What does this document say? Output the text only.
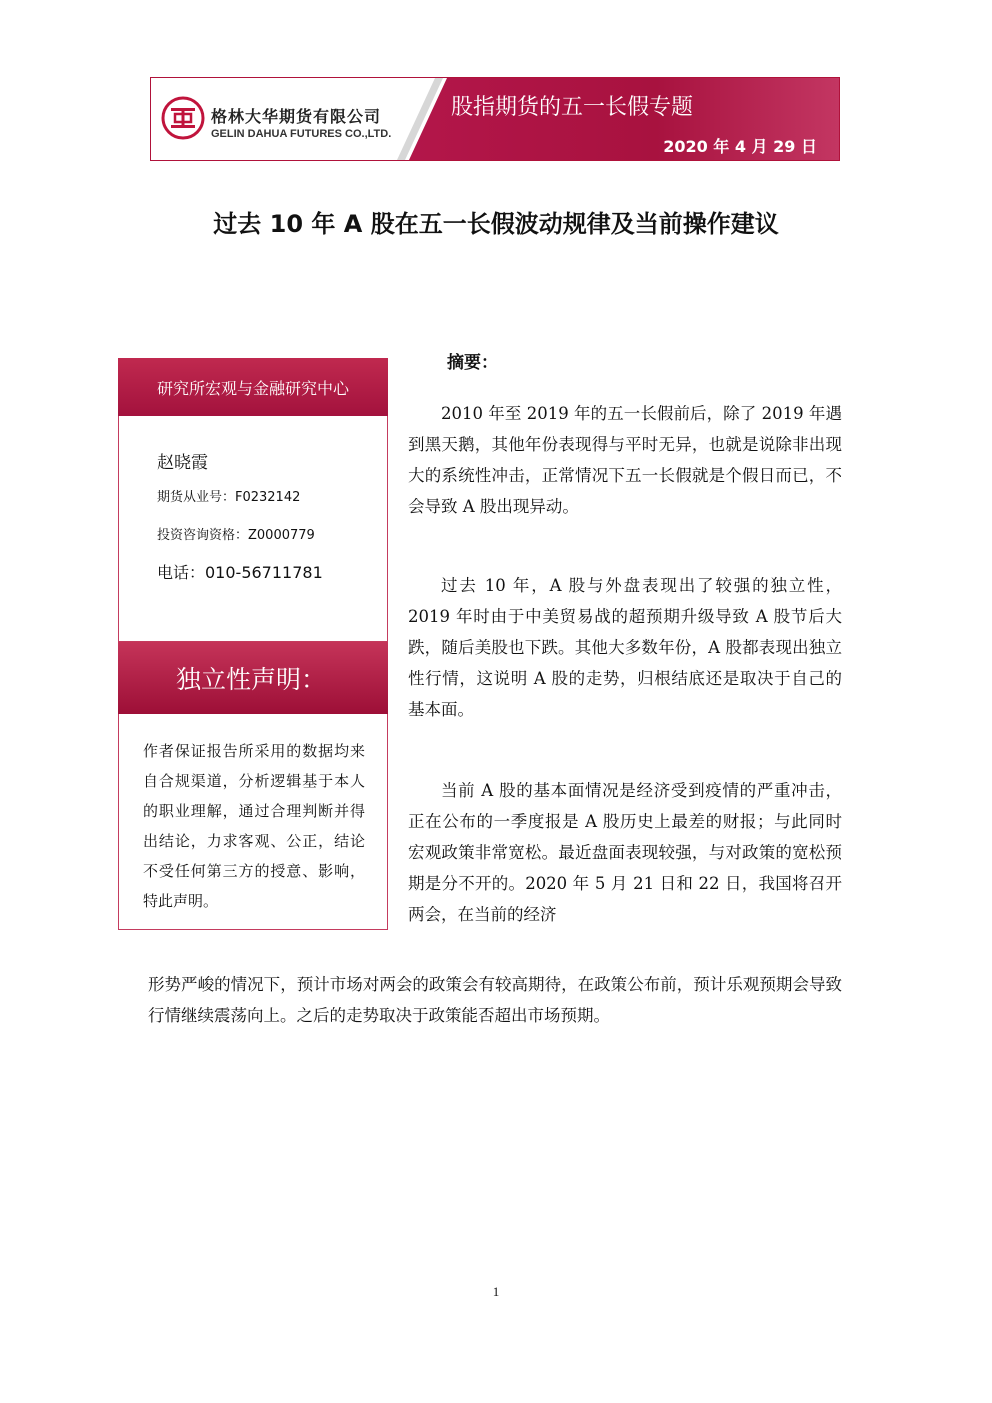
格林大华期货有限公司
GELIN DAHUA FUTURES CO.,LTD.
股指期货的五一长假专题
2020 年 4 月 29 日
过去 10 年 A 股在五一长假波动规律及当前操作建议
研究所宏观与金融研究中心
赵晓霞
期货从业号：F0232142
投资咨询资格：Z0000779
电话：010-56711781
独立性声明：
作者保证报告所采用的数据均来自合规渠道，分析逻辑基于本人的职业理解，通过合理判断并得出结论，力求客观、公正，结论不受任何第三方的授意、影响，特此声明。
摘要：
2010 年至 2019 年的五一长假前后，除了 2019 年遇到黑天鹅，其他年份表现得与平时无异，也就是说除非出现大的系统性冲击，正常情况下五一长假就是个假日而已，不会导致 A 股出现异动。
过去 10 年，A 股与外盘表现出了较强的独立性，2019 年时由于中美贸易战的超预期升级导致 A 股节后大跌，随后美股也下跌。其他大多数年份，A 股都表现出独立性行情，这说明 A 股的走势，归根结底还是取决于自己的基本面。
当前 A 股的基本面情况是经济受到疫情的严重冲击，正在公布的一季度报是 A 股历史上最差的财报；与此同时宏观政策非常宽松。最近盘面表现较强，与对政策的宽松预期是分不开的。2020 年 5 月 21 日和 22 日，我国将召开两会，在当前的经济
形势严峻的情况下，预计市场对两会的政策会有较高期待，在政策公布前，预计乐观预期会导致行情继续震荡向上。之后的走势取决于政策能否超出市场预期。
1
